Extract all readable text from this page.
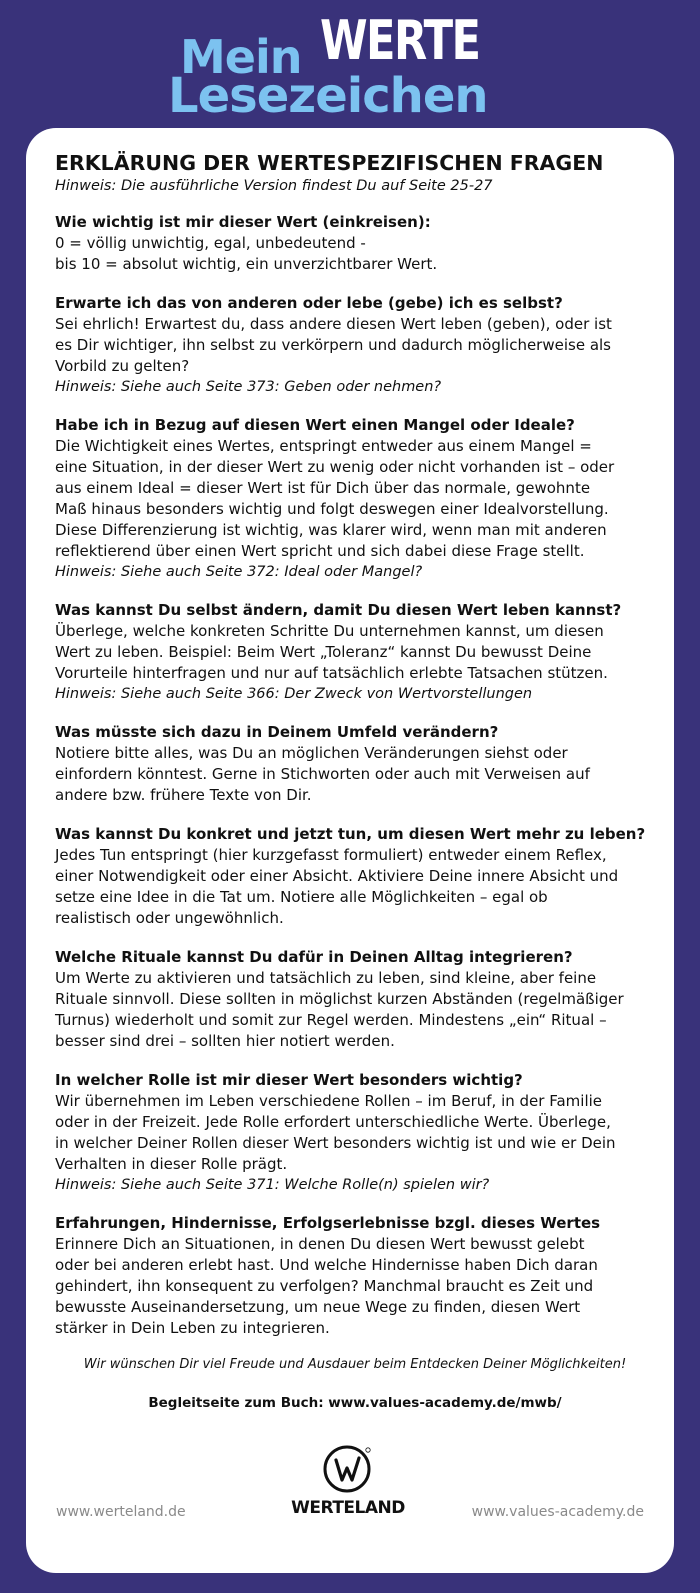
Mein WERTE
Lesezeichen
ERKLÄRUNG DER WERTESPEZIFISCHEN FRAGEN
Hinweis: Die ausführliche Version findest Du auf Seite 25-27
Wie wichtig ist mir dieser Wert (einkreisen):
0 = völlig unwichtig, egal, unbedeutend -
bis 10 = absolut wichtig, ein unverzichtbarer Wert.
Erwarte ich das von anderen oder lebe (gebe) ich es selbst?
Sei ehrlich! Erwartest du, dass andere diesen Wert leben (geben), oder ist
es Dir wichtiger, ihn selbst zu verkörpern und dadurch möglicherweise als
Vorbild zu gelten?
Hinweis: Siehe auch Seite 373: Geben oder nehmen?
Habe ich in Bezug auf diesen Wert einen Mangel oder Ideale?
Die Wichtigkeit eines Wertes, entspringt entweder aus einem Mangel =
eine Situation, in der dieser Wert zu wenig oder nicht vorhanden ist – oder
aus einem Ideal = dieser Wert ist für Dich über das normale, gewohnte
Maß hinaus besonders wichtig und folgt deswegen einer Idealvorstellung.
Diese Differenzierung ist wichtig, was klarer wird, wenn man mit anderen
reflektierend über einen Wert spricht und sich dabei diese Frage stellt.
Hinweis: Siehe auch Seite 372: Ideal oder Mangel?
Was kannst Du selbst ändern, damit Du diesen Wert leben kannst?
Überlege, welche konkreten Schritte Du unternehmen kannst, um diesen
Wert zu leben. Beispiel: Beim Wert „Toleranz“ kannst Du bewusst Deine
Vorurteile hinterfragen und nur auf tatsächlich erlebte Tatsachen stützen.
Hinweis: Siehe auch Seite 366: Der Zweck von Wertvorstellungen
Was müsste sich dazu in Deinem Umfeld verändern?
Notiere bitte alles, was Du an möglichen Veränderungen siehst oder
einfordern könntest. Gerne in Stichworten oder auch mit Verweisen auf
andere bzw. frühere Texte von Dir.
Was kannst Du konkret und jetzt tun, um diesen Wert mehr zu leben?
Jedes Tun entspringt (hier kurzgefasst formuliert) entweder einem Reflex,
einer Notwendigkeit oder einer Absicht. Aktiviere Deine innere Absicht und
setze eine Idee in die Tat um. Notiere alle Möglichkeiten – egal ob
realistisch oder ungewöhnlich.
Welche Rituale kannst Du dafür in Deinen Alltag integrieren?
Um Werte zu aktivieren und tatsächlich zu leben, sind kleine, aber feine
Rituale sinnvoll. Diese sollten in möglichst kurzen Abständen (regelmäßiger
Turnus) wiederholt und somit zur Regel werden. Mindestens „ein“ Ritual –
besser sind drei – sollten hier notiert werden.
In welcher Rolle ist mir dieser Wert besonders wichtig?
Wir übernehmen im Leben verschiedene Rollen – im Beruf, in der Familie
oder in der Freizeit. Jede Rolle erfordert unterschiedliche Werte. Überlege,
in welcher Deiner Rollen dieser Wert besonders wichtig ist und wie er Dein
Verhalten in dieser Rolle prägt.
Hinweis: Siehe auch Seite 371: Welche Rolle(n) spielen wir?
Erfahrungen, Hindernisse, Erfolgserlebnisse bzgl. dieses Wertes
Erinnere Dich an Situationen, in denen Du diesen Wert bewusst gelebt
oder bei anderen erlebt hast. Und welche Hindernisse haben Dich daran
gehindert, ihn konsequent zu verfolgen? Manchmal braucht es Zeit und
bewusste Auseinandersetzung, um neue Wege zu finden, diesen Wert
stärker in Dein Leben zu integrieren.
Wir wünschen Dir viel Freude und Ausdauer beim Entdecken Deiner Möglichkeiten!
Begleitseite zum Buch: www.values-academy.de/mwb/
www.werteland.de	WERTELAND	www.values-academy.de
